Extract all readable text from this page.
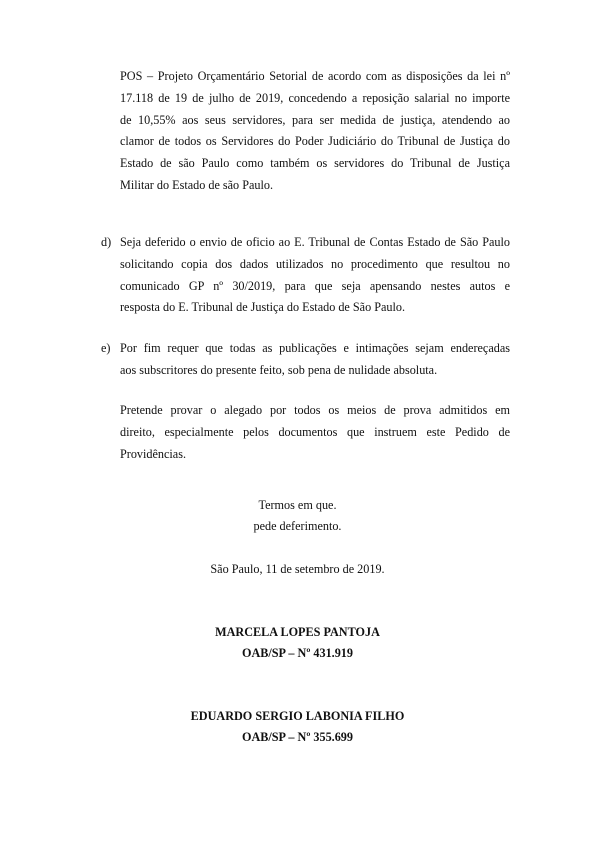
POS – Projeto Orçamentário Setorial de acordo com as disposições da lei nº
17.118 de 19 de julho de 2019, concedendo a reposição salarial no importe
de 10,55% aos seus servidores, para ser medida de justiça, atendendo ao
clamor de todos os Servidores do Poder Judiciário do Tribunal de Justiça do
Estado de são Paulo como também os servidores do Tribunal de Justiça
Militar do Estado de são Paulo.
d) Seja deferido o envio de oficio ao E. Tribunal de Contas Estado de São Paulo
solicitando copia dos dados utilizados no procedimento que resultou no
comunicado GP nº 30/2019, para que seja apensando nestes autos e
resposta do E. Tribunal de Justiça do Estado de São Paulo.
e) Por fim requer que todas as publicações e intimações sejam endereçadas
aos subscritores do presente feito, sob pena de nulidade absoluta.
Pretende provar o alegado por todos os meios de prova admitidos em
direito, especialmente pelos documentos que instruem este Pedido de
Providências.

Termos em que.

pede deferimento.

São Paulo, 11 de setembro de 2019.

MARCELA LOPES PANTOJA

OAB/SP – Nº 431.919

EDUARDO SERGIO LABONIA FILHO

OAB/SP – Nº 355.699
